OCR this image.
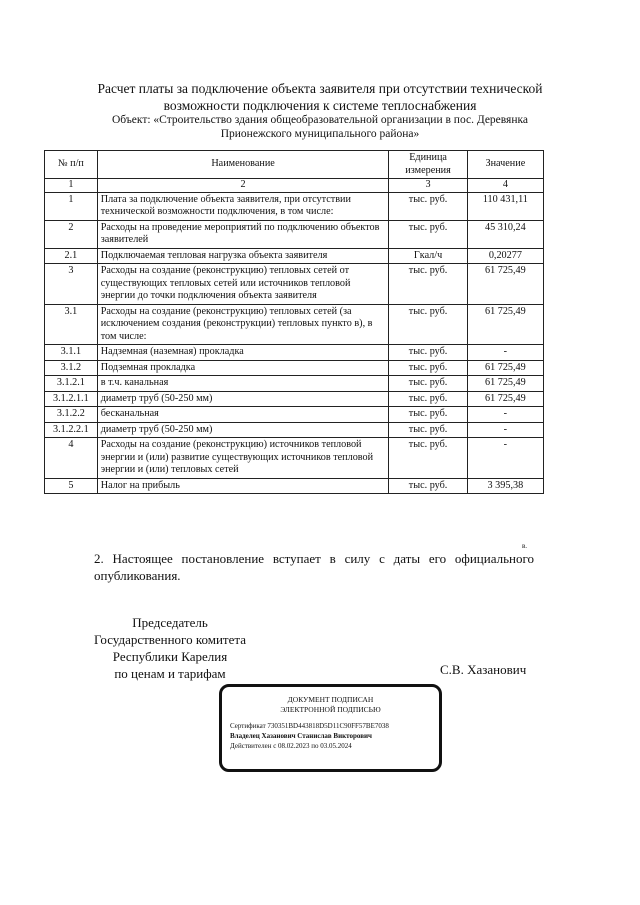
Расчет платы за подключение объекта заявителя при отсутствии технической возможности подключения к системе теплоснабжения
Объект: «Строительство здания общеобразовательной организации в пос. Деревянка Прионежского муниципального района»
№ п/п	Наименование	Единица измерения	Значение
1	2	3	4
1	Плата за подключение объекта заявителя, при отсутствии технической возможности подключения, в том числе:	тыс. руб.	110 431,11
2	Расходы на проведение мероприятий по подключению объектов заявителей	тыс. руб.	45 310,24
2.1	Подключаемая тепловая нагрузка объекта заявителя	Гкал/ч	0,20277
3	Расходы на создание (реконструкцию) тепловых сетей от существующих тепловых сетей или источников тепловой энергии до точки подключения объекта заявителя	тыс. руб.	61 725,49
3.1	Расходы на создание (реконструкцию) тепловых сетей (за исключением создания (реконструкции) тепловых пункто в), в том числе:	тыс. руб.	61 725,49
3.1.1	Надземная (наземная) прокладка	тыс. руб.	-
3.1.2	Подземная прокладка	тыс. руб.	61 725,49
3.1.2.1	в т.ч. канальная	тыс. руб.	61 725,49
3.1.2.1.1	диаметр труб (50-250 мм)	тыс. руб.	61 725,49
3.1.2.2	бесканальная	тыс. руб.	-
3.1.2.2.1	диаметр труб (50-250 мм)	тыс. руб.	-
4	Расходы на создание (реконструкцию) источников тепловой энергии и (или) развитие существующих источников тепловой энергии и (или) тепловых сетей	тыс. руб.	-
5	Налог на прибыль	тыс. руб.	3 395,38
в.
2. Настоящее постановление вступает в силу с даты его официального опубликования.
Председатель
Государственного комитета
Республики Карелия
по ценам и тарифам	С.В. Хазанович
ДОКУМЕНТ ПОДПИСАН
ЭЛЕКТРОННОЙ ПОДПИСЬЮ
Сертификат 730351BD443818D5D11C90FF57BE7038
Владелец Хазанович Станислав Викторович
Действителен с 08.02.2023 по 03.05.2024
